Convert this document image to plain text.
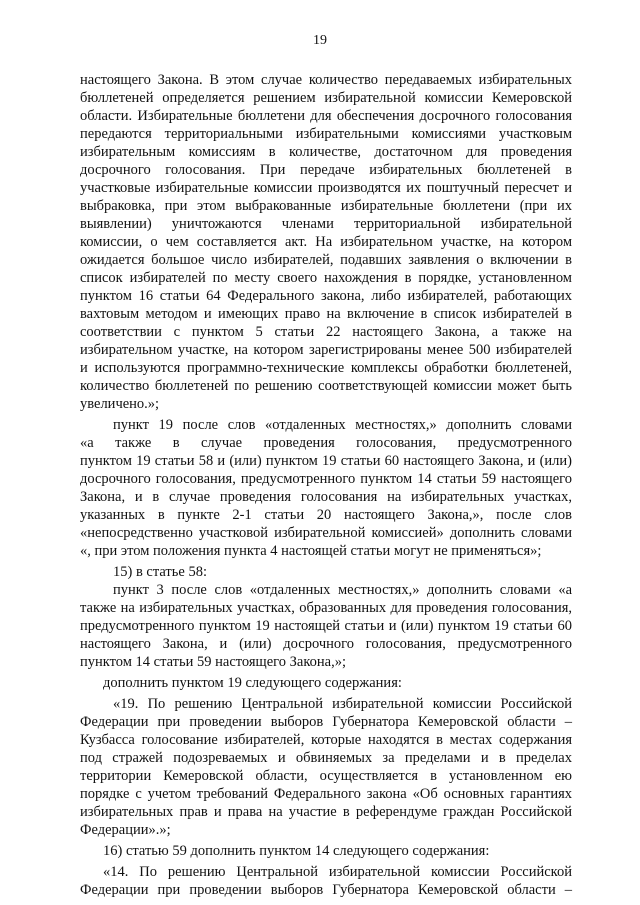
19
настоящего Закона. В этом случае количество передаваемых избирательных
бюллетеней определяется решением избирательной комиссии Кемеровской
области. Избирательные бюллетени для обеспечения досрочного голосования
передаются территориальными избирательными комиссиями участковым
избирательным комиссиям в количестве, достаточном для проведения
досрочного голосования. При передаче избирательных бюллетеней в
участковые избирательные комиссии производятся их поштучный пересчет и
выбраковка, при этом выбракованные избирательные бюллетени (при их
выявлении) уничтожаются членами территориальной избирательной
комиссии, о чем составляется акт. На избирательном участке, на котором
ожидается большое число избирателей, подавших заявления о включении в
список избирателей по месту своего нахождения в порядке, установленном
пунктом 16 статьи 64 Федерального закона, либо избирателей, работающих
вахтовым методом и имеющих право на включение в список избирателей в
соответствии с пунктом 5 статьи 22 настоящего Закона, а также на
избирательном участке, на котором зарегистрированы менее 500 избирателей
и используются программно-технические комплексы обработки бюллетеней,
количество бюллетеней по решению соответствующей комиссии может быть
увеличено.»;
пункт 19 после слов «отдаленных местностях,» дополнить словами
«а также в случае проведения голосования, предусмотренного
пунктом 19 статьи 58 и (или) пунктом 19 статьи 60 настоящего Закона, и (или)
досрочного голосования, предусмотренного пунктом 14 статьи 59 настоящего
Закона, и в случае проведения голосования на избирательных участках,
указанных в пункте 2-1 статьи 20 настоящего Закона,», после слов
«непосредственно участковой избирательной комиссией» дополнить словами
«, при этом положения пункта 4 настоящей статьи могут не применяться»;
15) в статье 58:
пункт 3 после слов «отдаленных местностях,» дополнить словами «а
также на избирательных участках, образованных для проведения голосования,
предусмотренного пунктом 19 настоящей статьи и (или) пунктом 19 статьи 60
настоящего Закона, и (или) досрочного голосования, предусмотренного
пунктом 14 статьи 59 настоящего Закона,»;
дополнить пунктом 19 следующего содержания:
«19. По решению Центральной избирательной комиссии Российской
Федерации при проведении выборов Губернатора Кемеровской области –
Кузбасса голосование избирателей, которые находятся в местах содержания
под стражей подозреваемых и обвиняемых за пределами и в пределах
территории Кемеровской области, осуществляется в установленном ею
порядке с учетом требований Федерального закона «Об основных гарантиях
избирательных прав и права на участие в референдуме граждан Российской
Федерации».»;
16) статью 59 дополнить пунктом 14 следующего содержания:
«14. По решению Центральной избирательной комиссии Российской
Федерации при проведении выборов Губернатора Кемеровской области –
